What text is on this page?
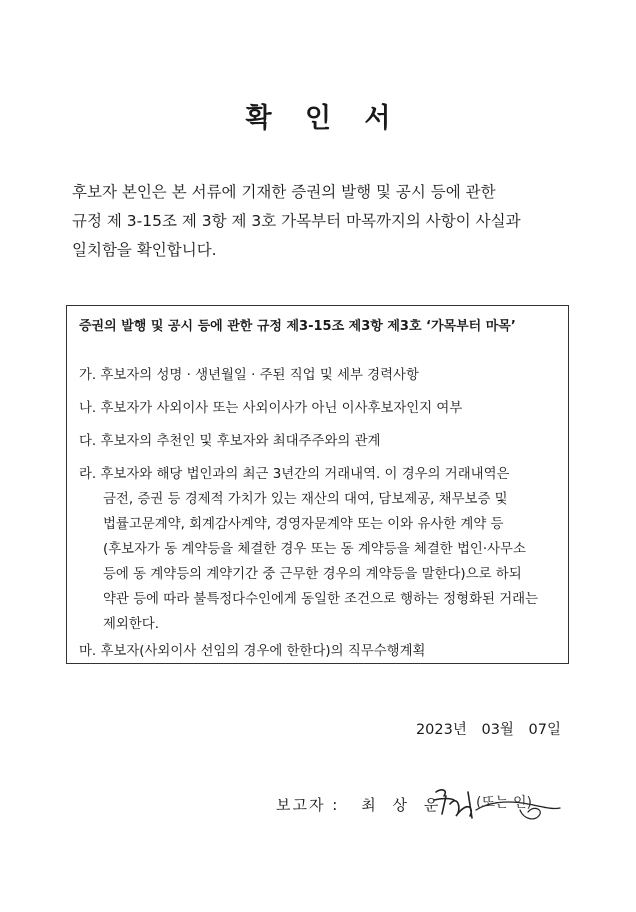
확 인 서

후보자 본인은 본 서류에 기재한 증권의 발행 및 공시 등에 관한

규정 제 3-15조 제 3항 제 3호 가목부터 마목까지의 사항이 사실과

일치함을 확인합니다.

증권의 발행 및 공시 등에 관한 규정 제3-15조 제3항 제3호 ‘가목부터 마목’
가. 후보자의 성명 · 생년월일 · 주된 직업 및 세부 경력사항
나. 후보자가 사외이사 또는 사외이사가 아닌 이사후보자인지 여부
다. 후보자의 추천인 및 후보자와 최대주주와의 관계
라. 후보자와 해당 법인과의 최근 3년간의 거래내역. 이 경우의 거래내역은
금전, 증권 등 경제적 가치가 있는 재산의 대여, 담보제공, 채무보증 및
법률고문계약, 회계감사계약, 경영자문계약 또는 이와 유사한 계약 등
(후보자가 동 계약등을 체결한 경우 또는 동 계약등을 체결한 법인·사무소
등에 동 계약등의 계약기간 중 근무한 경우의 계약등을 말한다)으로 하되
약관 등에 따라 불특정다수인에게 동일한 조건으로 행하는 정형화된 거래는
제외한다.
마. 후보자(사외이사 선임의 경우에 한한다)의 직무수행계획
2023년 03월 07일
보고자 : 최 상 운 (또는 인)
